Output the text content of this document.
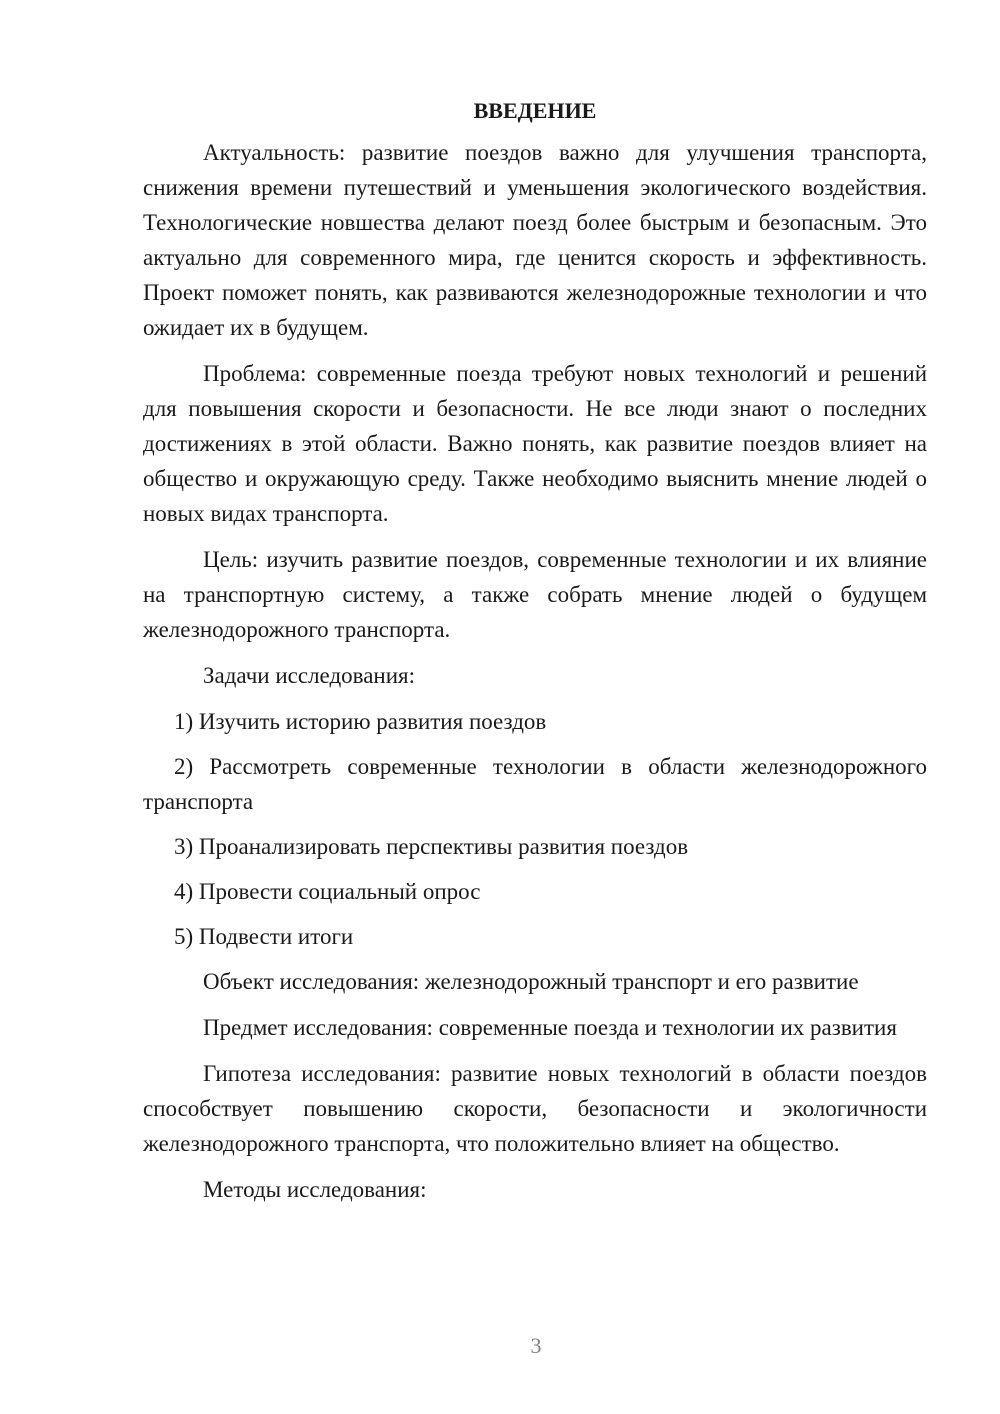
ВВЕДЕНИЕ

Актуальность: развитие поездов важно для улучшения транспорта, снижения времени путешествий и уменьшения экологического воздействия. Технологические новшества делают поезд более быстрым и безопасным. Это актуально для современного мира, где ценится скорость и эффективность. Проект поможет понять, как развиваются железнодорожные технологии и что ожидает их в будущем.

Проблема: современные поезда требуют новых технологий и решений для повышения скорости и безопасности. Не все люди знают о последних достижениях в этой области. Важно понять, как развитие поездов влияет на общество и окружающую среду. Также необходимо выяснить мнение людей о новых видах транспорта.

Цель: изучить развитие поездов, современные технологии и их влияние на транспортную систему, а также собрать мнение людей о будущем железнодорожного транспорта.

Задачи исследования:

1) Изучить историю развития поездов

2) Рассмотреть современные технологии в области железнодорожного транспорта

3) Проанализировать перспективы развития поездов

4) Провести социальный опрос

5) Подвести итоги

Объект исследования: железнодорожный транспорт и его развитие

Предмет исследования: современные поезда и технологии их развития

Гипотеза исследования: развитие новых технологий в области поездов способствует повышению скорости, безопасности и экологичности железнодорожного транспорта, что положительно влияет на общество.

Методы исследования:

3
